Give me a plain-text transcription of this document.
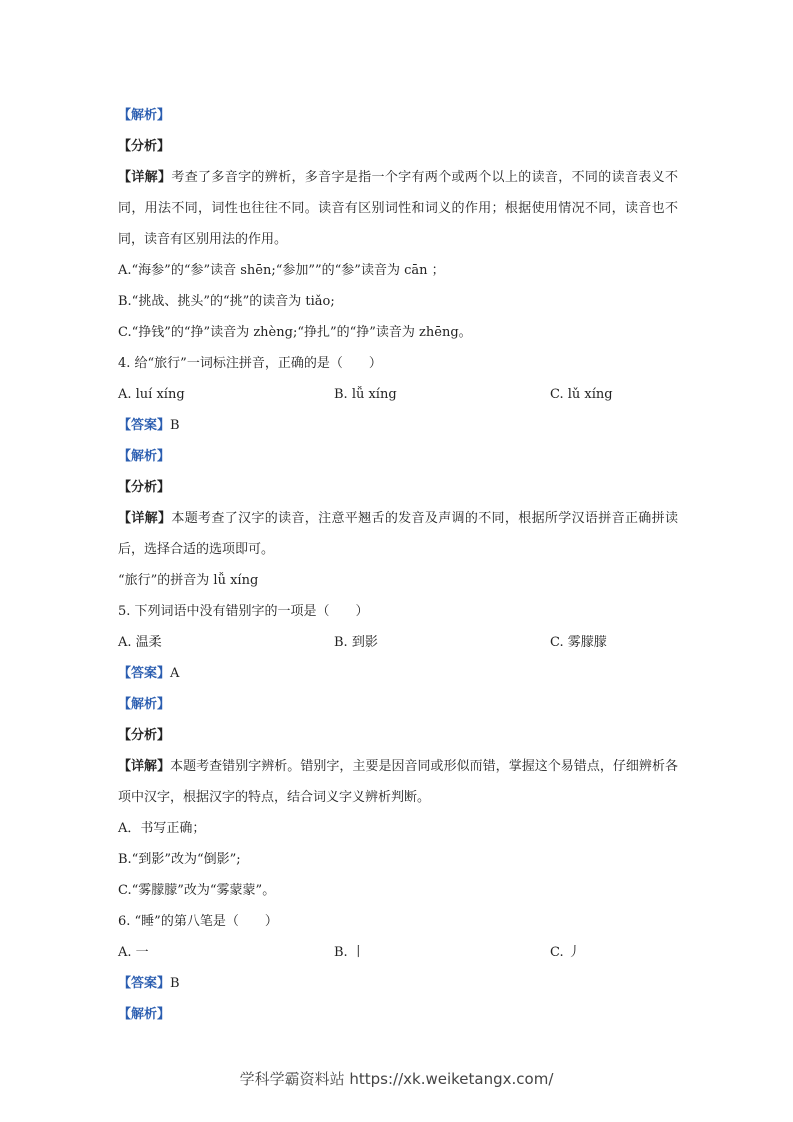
【解析】
【分析】
【详解】考查了多音字的辨析，多音字是指一个字有两个或两个以上的读音，不同的读音表义不同，用法不同，词性也往往不同。读音有区别词性和词义的作用；根据使用情况不同，读音也不同，读音有区别用法的作用。
A.“海参”的“参”读音 shēn;“参加””的“参”读音为 cān ；
B.“挑战、挑头”的“挑”的读音为 tiǎo;
C.“挣钱”的“挣”读音为 zhèng;“挣扎”的“挣”读音为 zhēng。
4. 给“旅行”一词标注拼音，正确的是（　　）
A. luí xíng	B. lǚ xíng	C. lǔ xíng
【答案】B
【解析】
【分析】
【详解】本题考查了汉字的读音，注意平翘舌的发音及声调的不同，根据所学汉语拼音正确拼读后，选择合适的选项即可。
“旅行”的拼音为 lǚ xíng
5. 下列词语中没有错别字的一项是（　　）
A. 温柔	B. 到影	C. 雾朦朦
【答案】A
【解析】
【分析】
【详解】本题考查错别字辨析。错别字，主要是因音同或形似而错，掌握这个易错点，仔细辨析各项中汉字，根据汉字的特点，结合词义字义辨析判断。
A．书写正确；
B.“到影”改为“倒影”;
C.“雾朦朦”改为“雾蒙蒙”。
6. “睡”的第八笔是（　　）
A. 一	B. 丨	C. 丿
【答案】B
【解析】
学科学霸资料站 https://xk.weiketangx.com/
